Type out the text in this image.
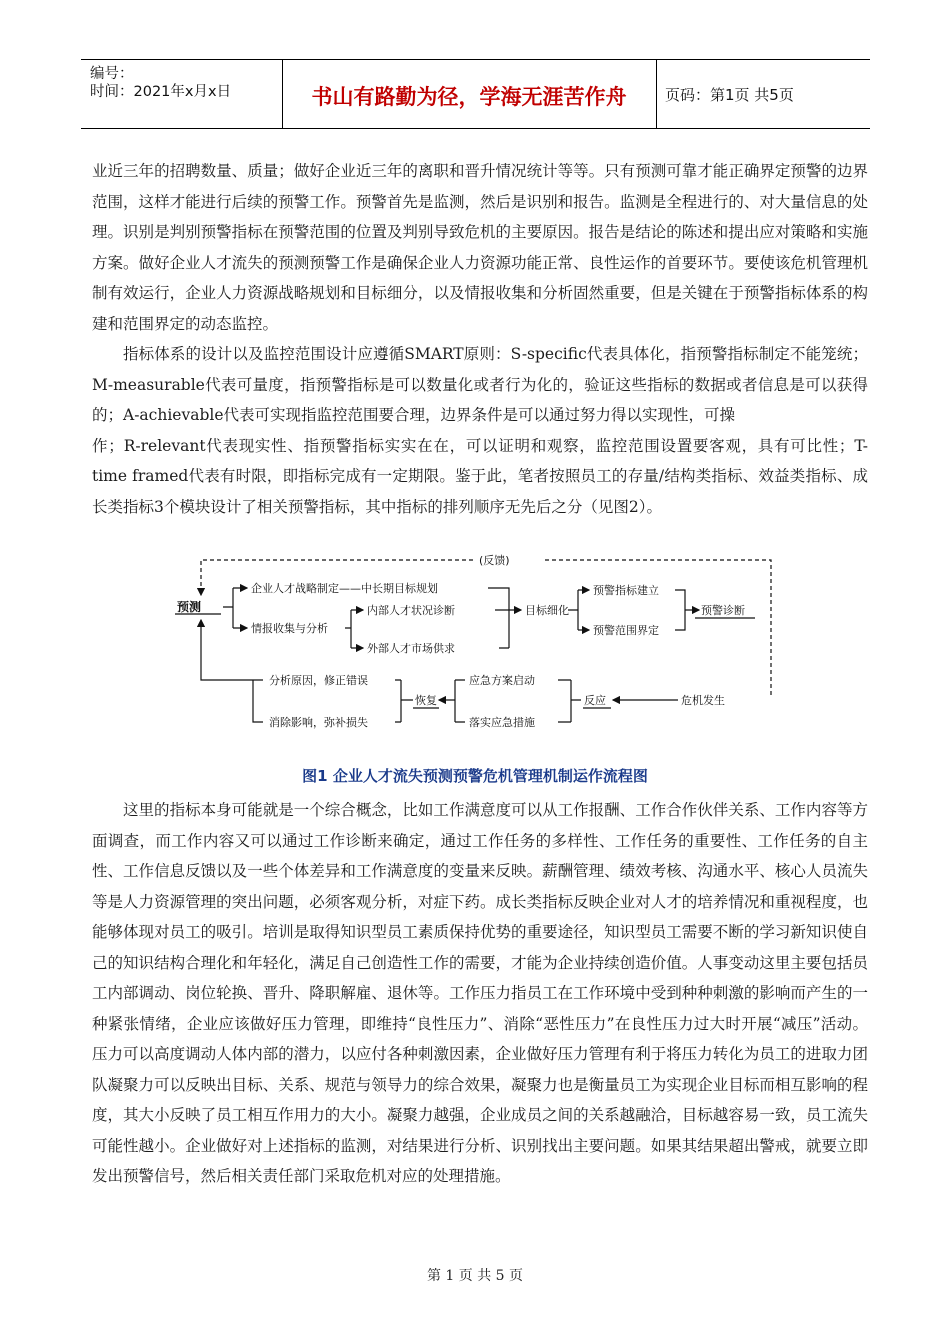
编号：
时间：2021年x月x日	书山有路勤为径，学海无涯苦作舟	页码：第1页 共5页

业近三年的招聘数量、质量；做好企业近三年的离职和晋升情况统计等等。只有预测可靠才能正确界定预警的边界范围，这样才能进行后续的预警工作。预警首先是监测，然后是识别和报告。监测是全程进行的、对大量信息的处理。识别是判别预警指标在预警范围的位置及判别导致危机的主要原因。报告是结论的陈述和提出应对策略和实施方案。做好企业人才流失的预测预警工作是确保企业人力资源功能正常、良性运作的首要环节。要使该危机管理机制有效运行，企业人力资源战略规划和目标细分，以及情报收集和分析固然重要，但是关键在于预警指标体系的构建和范围界定的动态监控。

指标体系的设计以及监控范围设计应遵循SMART原则：S-specific代表具体化，指预警指标制定不能笼统；M-measurable代表可量度，指预警指标是可以数量化或者行为化的，验证这些指标的数据或者信息是可以获得的；A-achievable代表可实现指监控范围要合理，边界条件是可以通过努力得以实现性，可操

作；R-relevant代表现实性、指预警指标实实在在，可以证明和观察，监控范围设置要客观，具有可比性；T-time framed代表有时限，即指标完成有一定期限。鉴于此，笔者按照员工的存量/结构类指标、效益类指标、成长类指标3个模块设计了相关预警指标，其中指标的排列顺序无先后之分（见图2）。

(反馈)
预测
企业人才战略制定——中长期目标规划
情报收集与分析
内部人才状况诊断
外部人才市场供求
目标细化
预警指标建立
预警范围界定
预警诊断
分析原因，修正错误
消除影响，弥补损失
恢复
应急方案启动
落实应急措施
反应	危机发生
图1 企业人才流失预测预警危机管理机制运作流程图

这里的指标本身可能就是一个综合概念，比如工作满意度可以从工作报酬、工作合作伙伴关系、工作内容等方面调查，而工作内容又可以通过工作诊断来确定，通过工作任务的多样性、工作任务的重要性、工作任务的自主性、工作信息反馈以及一些个体差异和工作满意度的变量来反映。薪酬管理、绩效考核、沟通水平、核心人员流失等是人力资源管理的突出问题，必须客观分析，对症下药。成长类指标反映企业对人才的培养情况和重视程度，也能够体现对员工的吸引。培训是取得知识型员工素质保持优势的重要途径，知识型员工需要不断的学习新知识使自己的知识结构合理化和年轻化，满足自己创造性工作的需要，才能为企业持续创造价值。人事变动这里主要包括员工内部调动、岗位轮换、晋升、降职解雇、退休等。工作压力指员工在工作环境中受到种种刺激的影响而产生的一种紧张情绪，企业应该做好压力管理，即维持“良性压力”、消除“恶性压力”在良性压力过大时开展“减压”活动。压力可以高度调动人体内部的潜力，以应付各种刺激因素，企业做好压力管理有利于将压力转化为员工的进取力团队凝聚力可以反映出目标、关系、规范与领导力的综合效果，凝聚力也是衡量员工为实现企业目标而相互影响的程度，其大小反映了员工相互作用力的大小。凝聚力越强，企业成员之间的关系越融洽，目标越容易一致，员工流失可能性越小。企业做好对上述指标的监测，对结果进行分析、识别找出主要问题。如果其结果超出警戒，就要立即发出预警信号，然后相关责任部门采取危机对应的处理措施。

第 1 页 共 5 页
